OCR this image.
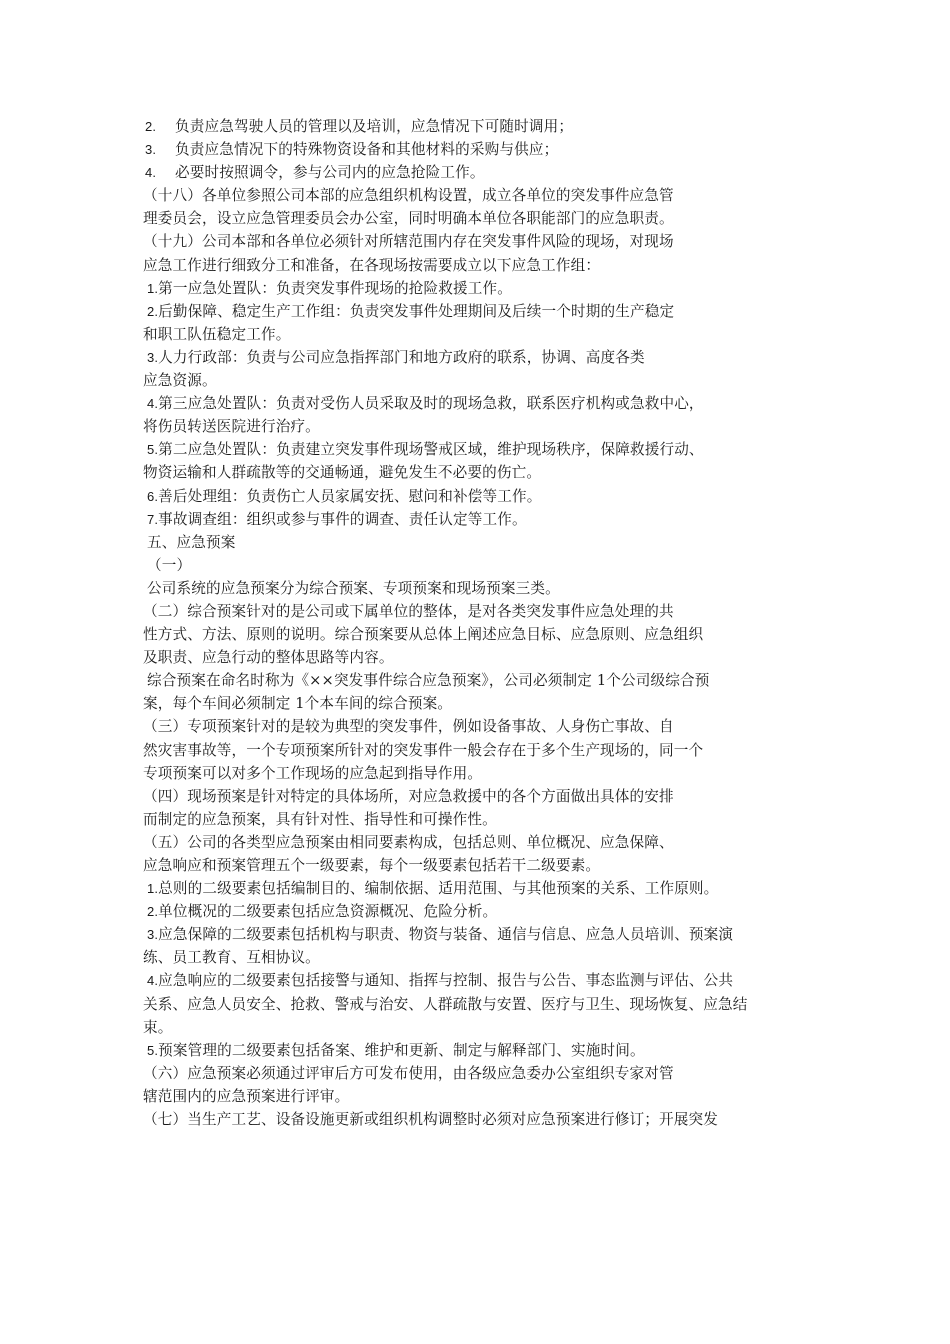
2. 负责应急驾驶人员的管理以及培训，应急情况下可随时调用；
3. 负责应急情况下的特殊物资设备和其他材料的采购与供应；
4. 必要时按照调令，参与公司内的应急抢险工作。
（十八）各单位参照公司本部的应急组织机构设置，成立各单位的突发事件应急管
理委员会，设立应急管理委员会办公室，同时明确本单位各职能部门的应急职责。
（十九）公司本部和各单位必须针对所辖范围内存在突发事件风险的现场，对现场
应急工作进行细致分工和准备，在各现场按需要成立以下应急工作组：
1.第一应急处置队：负责突发事件现场的抢险救援工作。
2.后勤保障、稳定生产工作组：负责突发事件处理期间及后续一个时期的生产稳定
和职工队伍稳定工作。
3.人力行政部：负责与公司应急指挥部门和地方政府的联系，协调、高度各类
应急资源。
4.第三应急处置队：负责对受伤人员采取及时的现场急救，联系医疗机构或急救中心，
将伤员转送医院进行治疗。
5.第二应急处置队：负责建立突发事件现场警戒区域，维护现场秩序，保障救援行动、
物资运输和人群疏散等的交通畅通，避免发生不必要的伤亡。
6.善后处理组：负责伤亡人员家属安抚、慰问和补偿等工作。
7.事故调查组：组织或参与事件的调查、责任认定等工作。
五、应急预案
（一）
公司系统的应急预案分为综合预案、专项预案和现场预案三类。
（二）综合预案针对的是公司或下属单位的整体，是对各类突发事件应急处理的共
性方式、方法、原则的说明。综合预案要从总体上阐述应急目标、应急原则、应急组织
及职责、应急行动的整体思路等内容。
综合预案在命名时称为《××突发事件综合应急预案》，公司必须制定 1个公司级综合预
案，每个车间必须制定 1个本车间的综合预案。
（三）专项预案针对的是较为典型的突发事件，例如设备事故、人身伤亡事故、自
然灾害事故等，一个专项预案所针对的突发事件一般会存在于多个生产现场的，同一个
专项预案可以对多个工作现场的应急起到指导作用。
（四）现场预案是针对特定的具体场所，对应急救援中的各个方面做出具体的安排
而制定的应急预案，具有针对性、指导性和可操作性。
（五）公司的各类型应急预案由相同要素构成，包括总则、单位概况、应急保障、
应急响应和预案管理五个一级要素，每个一级要素包括若干二级要素。
1.总则的二级要素包括编制目的、编制依据、适用范围、与其他预案的关系、工作原则。
2.单位概况的二级要素包括应急资源概况、危险分析。
3.应急保障的二级要素包括机构与职责、物资与装备、通信与信息、应急人员培训、预案演
练、员工教育、互相协议。
4.应急响应的二级要素包括接警与通知、指挥与控制、报告与公告、事态监测与评估、公共
关系、应急人员安全、抢救、警戒与治安、人群疏散与安置、医疗与卫生、现场恢复、应急结
束。
5.预案管理的二级要素包括备案、维护和更新、制定与解释部门、实施时间。
（六）应急预案必须通过评审后方可发布使用，由各级应急委办公室组织专家对管
辖范围内的应急预案进行评审。
（七）当生产工艺、设备设施更新或组织机构调整时必须对应急预案进行修订；开展突发
